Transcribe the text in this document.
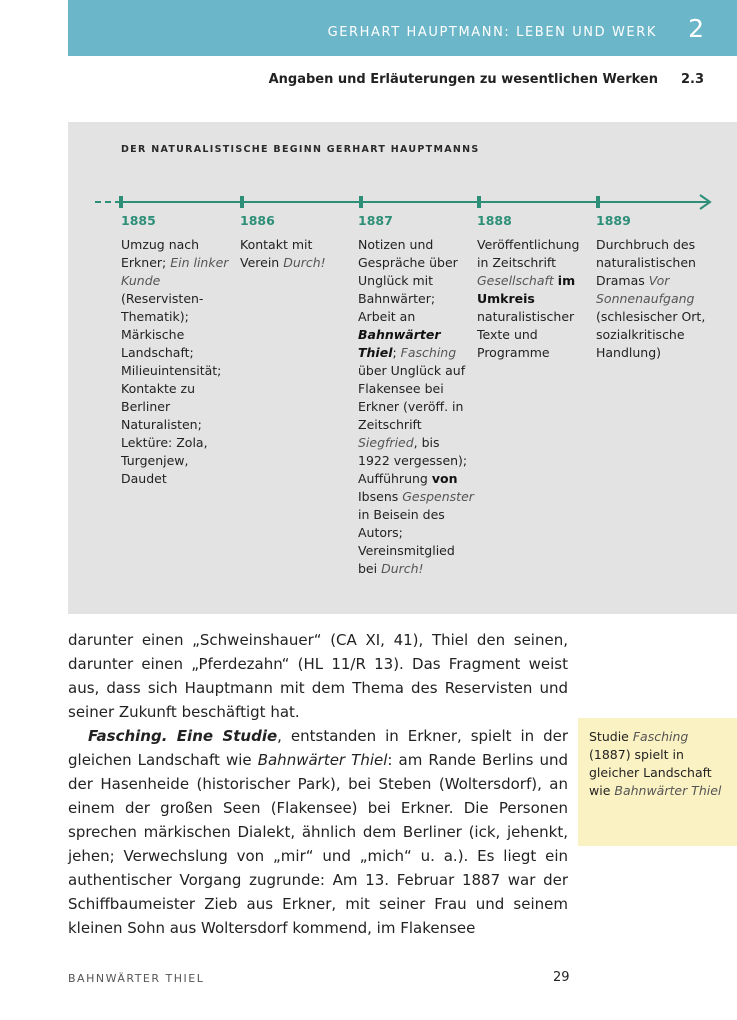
GERHART HAUPTMANN: LEBEN UND WERK 2
Angaben und Erläuterungen zu wesentlichen Werken 2.3
DER NATURALISTISCHE BEGINN GERHART HAUPTMANNS
1885
Umzug nach Erkner; Ein linker Kunde (Reservisten-Thematik); Märkische Landschaft; Milieuintensität; Kontakte zu Berliner Naturalisten; Lektüre: Zola, Turgenjew, Daudet
1886
Kontakt mit Verein Durch!
1887
Notizen und Gespräche über Unglück mit Bahnwärter; Arbeit an Bahnwärter Thiel; Fasching über Unglück auf Flakensee bei Erkner (veröff. in Zeitschrift Siegfried, bis 1922 vergessen); Aufführung von Ibsens Gespenster in Beisein des Autors; Vereinsmitglied bei Durch!
1888
Veröffentlichung in Zeitschrift Gesellschaft im Umkreis naturalistischer Texte und Programme
1889
Durchbruch des naturalistischen Dramas Vor Sonnenaufgang (schlesischer Ort, sozialkritische Handlung)

darunter einen „Schweinshauer“ (CA XI, 41), Thiel den seinen, darunter einen „Pferdezahn“ (HL 11/R 13). Das Fragment weist aus, dass sich Hauptmann mit dem Thema des Reservisten und seiner Zukunft beschäftigt hat.

Fasching. Eine Studie, entstanden in Erkner, spielt in der gleichen Landschaft wie Bahnwärter Thiel: am Rande Berlins und der Hasenheide (historischer Park), bei Steben (Woltersdorf), an einem der großen Seen (Flakensee) bei Erkner. Die Personen sprechen märkischen Dialekt, ähnlich dem Berliner (ick, jehenkt, jehen; Verwechslung von „mir“ und „mich“ u. a.). Es liegt ein authentischer Vorgang zugrunde: Am 13. Februar 1887 war der Schiffbaumeister Zieb aus Erkner, mit seiner Frau und seinem kleinen Sohn aus Woltersdorf kommend, im Flakensee

Studie Fasching (1887) spielt in gleicher Landschaft wie Bahnwärter Thiel
BAHNWÄRTER THIEL	29
